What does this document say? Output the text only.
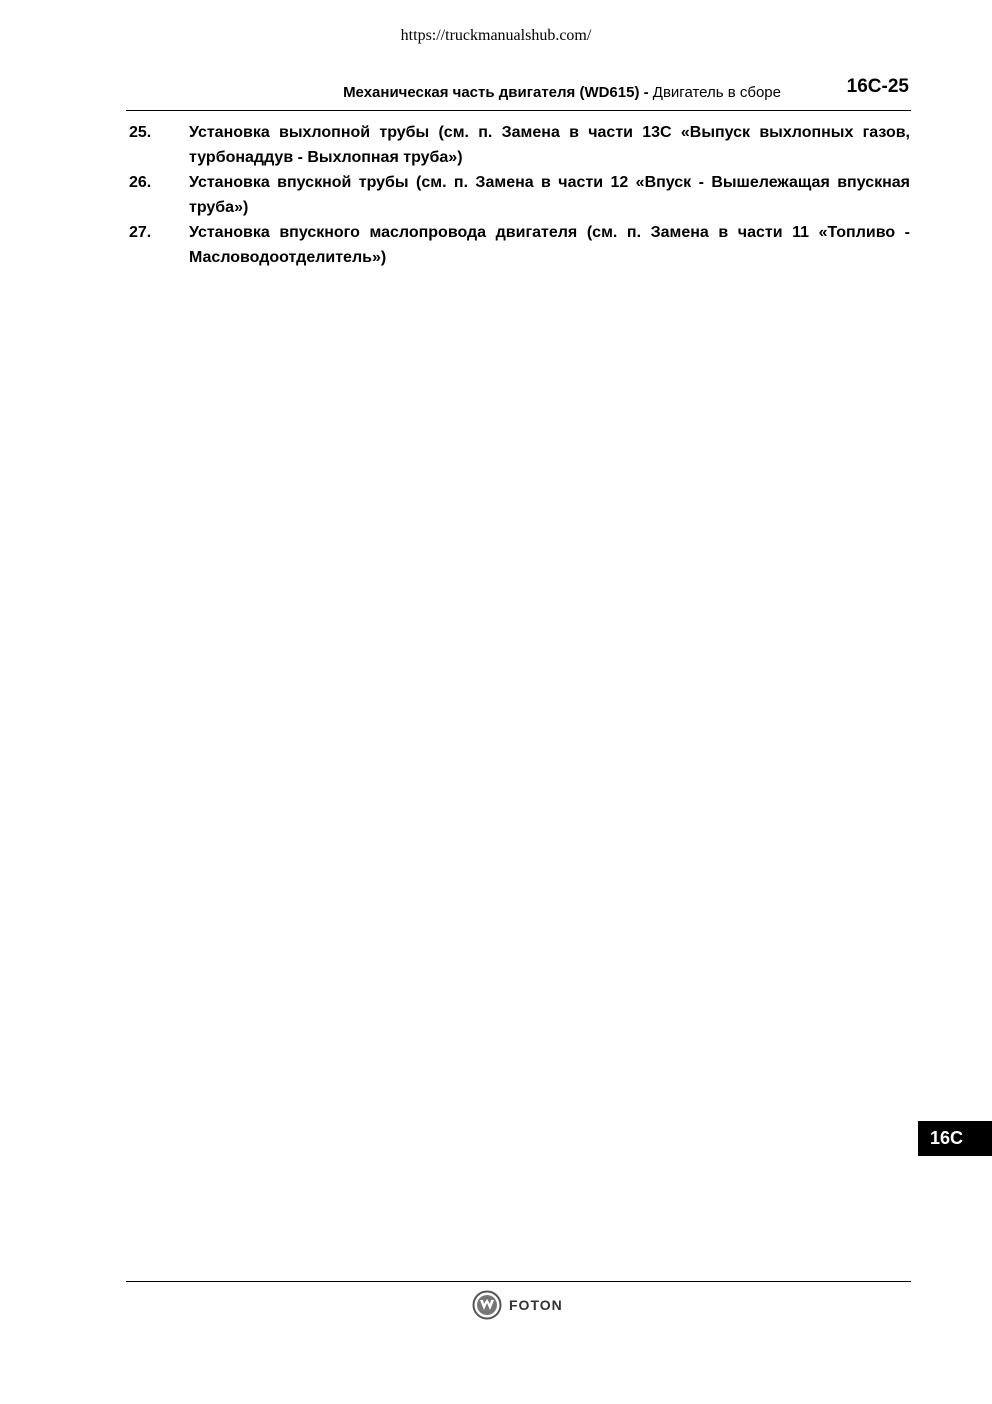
https://truckmanualshub.com/
Механическая часть двигателя (WD615) - Двигатель в сборе	16С-25
25.	Установка выхлопной трубы (см. п. Замена в части 13С «Выпуск выхлопных газов, турбонаддув - Выхлопная труба»)
26.	Установка впускной трубы (см. п. Замена в части 12 «Впуск - Вышележащая впускная труба»)
27.	Установка впускного маслопровода двигателя (см. п. Замена в части 11 «Топливо - Масловодоотделитель»)
16C
FOTON
